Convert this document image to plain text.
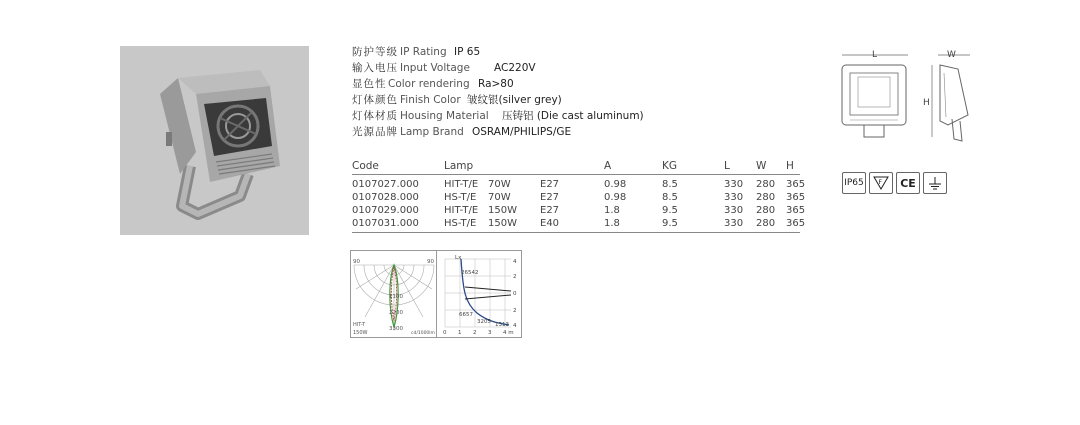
防护等级 IP Rating IP 65
输入电压 Input Voltage AC220V
显色性 Color rendering Ra>80
灯体颜色 Finish Color 皱纹银(silver grey)
灯体材质 Housing Material 压铸铝 (Die cast aluminum)
光源品牌 Lamp Brand OSRAM/PHILIPS/GE
Code	Lamp	A	KG	L W H
0107027.000	HIT-T/E 70W	E27	0.98	8.5	330 280 365
0107028.000	HS-T/E 70W	E27	0.98	8.5	330 280 365
0107029.000	HIT-T/E 150W E27	1.8	9.5	330 280 365
0107031.000	HS-T/E 150W E40	1.8	9.5	330 280 365
90	90
1100
2200
3300
HIT-T
150W	cd/1000lm
Lx
26542
6657
3205 1313
0 1 2 3 4 m
4
2
0
2
4
L	W
H
IP65 F CE
